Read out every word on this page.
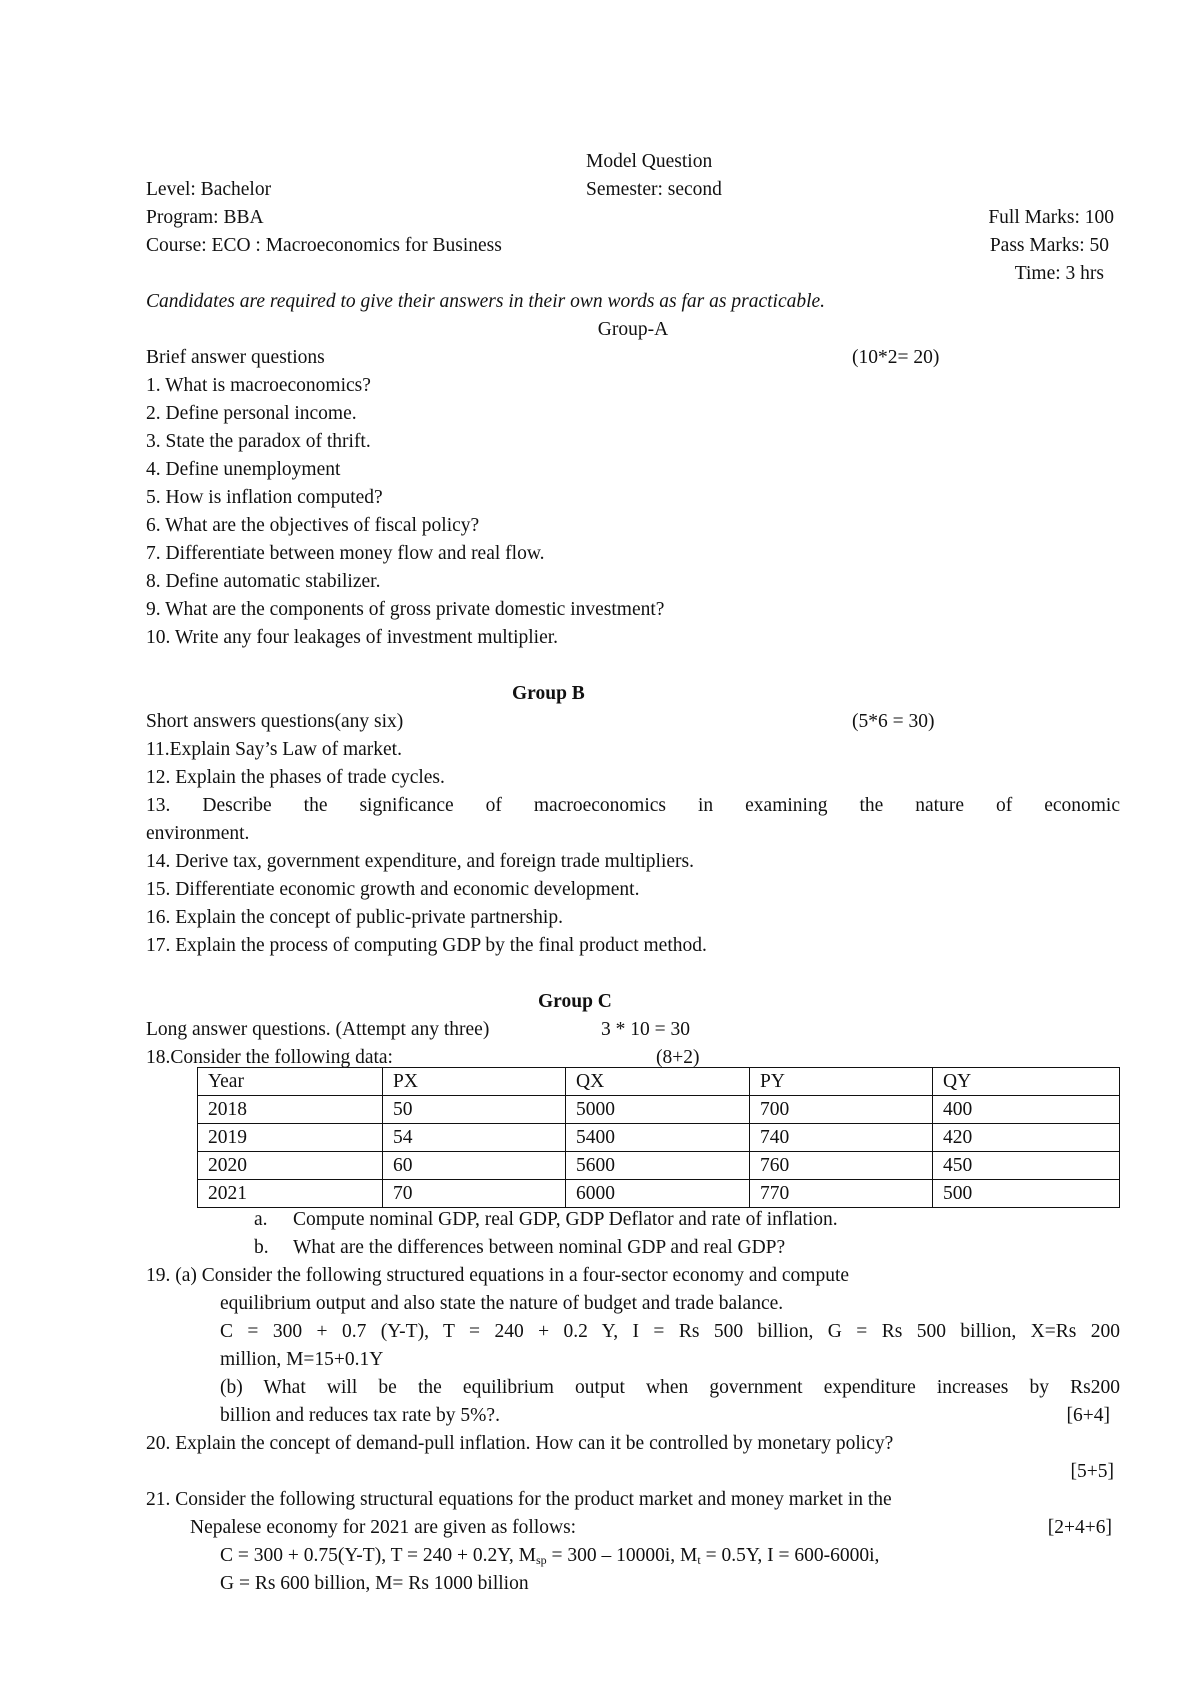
Model Question
Level: Bachelor	Semester: second
Program: BBA	Full Marks: 100
Course: ECO : Macroeconomics for Business	Pass Marks: 50
Time: 3 hrs
Candidates are required to give their answers in their own words as far as practicable.
Group-A
Brief answer questions	(10*2= 20)
1. What is macroeconomics?
2. Define personal income.
3. State the paradox of thrift.
4. Define unemployment
5. How is inflation computed?
6. What are the objectives of fiscal policy?
7. Differentiate between money flow and real flow.
8. Define automatic stabilizer.
9. What are the components of gross private domestic investment?
10. Write any four leakages of investment multiplier.
Group B
Short answers questions(any six)	(5*6 = 30)
11.Explain Say’s Law of market.
12. Explain the phases of trade cycles.
13. Describe the significance of macroeconomics in examining the nature of economic
environment.
14. Derive tax, government expenditure, and foreign trade multipliers.
15. Differentiate economic growth and economic development.
16. Explain the concept of public-private partnership.
17. Explain the process of computing GDP by the final product method.
Group C
Long answer questions. (Attempt any three)	3 * 10 = 30
18.Consider the following data:	(8+2)
Year	PX	QX	PY	QY
2018	50	5000	700	400
2019	54	5400	740	420
2020	60	5600	760	450
2021	70	6000	770	500
a. Compute nominal GDP, real GDP, GDP Deflator and rate of inflation.
b. What are the differences between nominal GDP and real GDP?
19. (a) Consider the following structured equations in a four-sector economy and compute
equilibrium output and also state the nature of budget and trade balance.
C = 300 + 0.7 (Y-T), T = 240 + 0.2 Y, I = Rs 500 billion, G = Rs 500 billion, X=Rs 200
million, M=15+0.1Y
(b) What will be the equilibrium output when government expenditure increases by Rs200
billion and reduces tax rate by 5%?.	[6+4]
20. Explain the concept of demand-pull inflation. How can it be controlled by monetary policy?
[5+5]
21. Consider the following structural equations for the product market and money market in the
Nepalese economy for 2021 are given as follows:	[2+4+6]
C = 300 + 0.75(Y-T), T = 240 + 0.2Y, $M_{sp} = 300 - 10000i$, $M_t = 0.5Y$, I = 600-6000i,
G = Rs 600 billion, M= Rs 1000 billion
